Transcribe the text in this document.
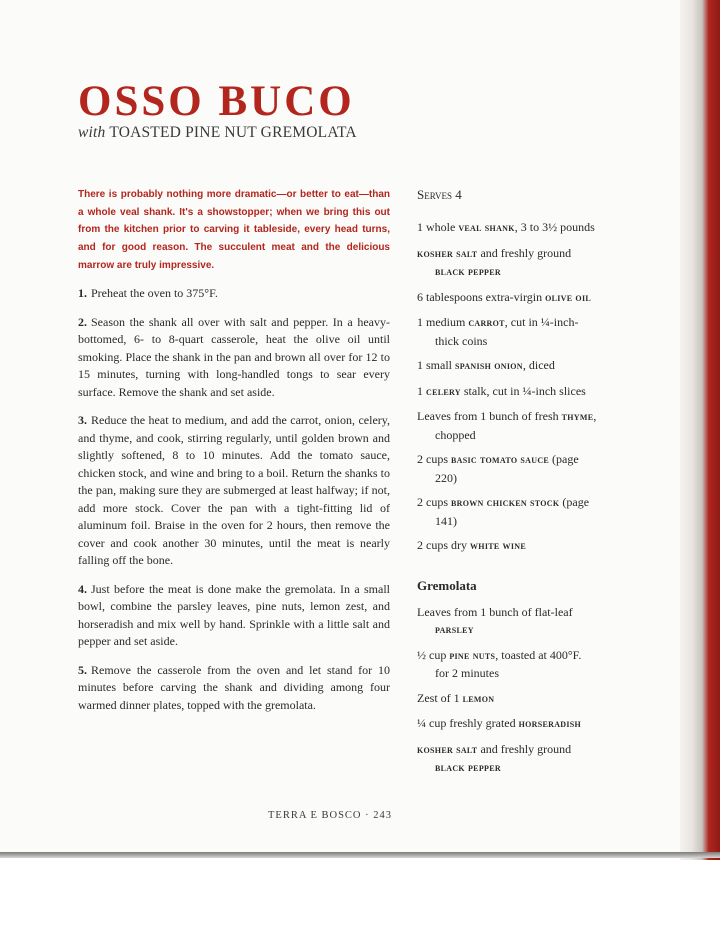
OSSO BUCO

with TOASTED PINE NUT GREMOLATA

There is probably nothing more dramatic—or better to eat—than a whole veal shank. It's a showstopper; when we bring this out from the kitchen prior to carving it tableside, every head turns, and for good reason. The succulent meat and the delicious marrow are truly impressive.

1. Preheat the oven to 375°F.

2. Season the shank all over with salt and pepper. In a heavy-bottomed, 6- to 8-quart casserole, heat the olive oil until smoking. Place the shank in the pan and brown all over for 12 to 15 minutes, turning with long-handled tongs to sear every surface. Remove the shank and set aside.

3. Reduce the heat to medium, and add the carrot, onion, celery, and thyme, and cook, stirring regularly, until golden brown and slightly softened, 8 to 10 minutes. Add the tomato sauce, chicken stock, and wine and bring to a boil. Return the shanks to the pan, making sure they are submerged at least halfway; if not, add more stock. Cover the pan with a tight-fitting lid of aluminum foil. Braise in the oven for 2 hours, then remove the cover and cook another 30 minutes, until the meat is nearly falling off the bone.

4. Just before the meat is done make the gremolata. In a small bowl, combine the parsley leaves, pine nuts, lemon zest, and horseradish and mix well by hand. Sprinkle with a little salt and pepper and set aside.

5. Remove the casserole from the oven and let stand for 10 minutes before carving the shank and dividing among four warmed dinner plates, topped with the gremolata.

Serves 4

1 whole veal shank, 3 to 3½ pounds

kosher salt and freshly ground black pepper

6 tablespoons extra-virgin olive oil

1 medium carrot, cut in ¼-inch-thick coins

1 small spanish onion, diced

1 celery stalk, cut in ¼-inch slices

Leaves from 1 bunch of fresh thyme, chopped

2 cups basic tomato sauce (page 220)

2 cups brown chicken stock (page 141)

2 cups dry white wine

Gremolata

Leaves from 1 bunch of flat-leaf parsley

½ cup pine nuts, toasted at 400°F. for 2 minutes

Zest of 1 lemon

¼ cup freshly grated horseradish

kosher salt and freshly ground black pepper

TERRA E BOSCO · 243
